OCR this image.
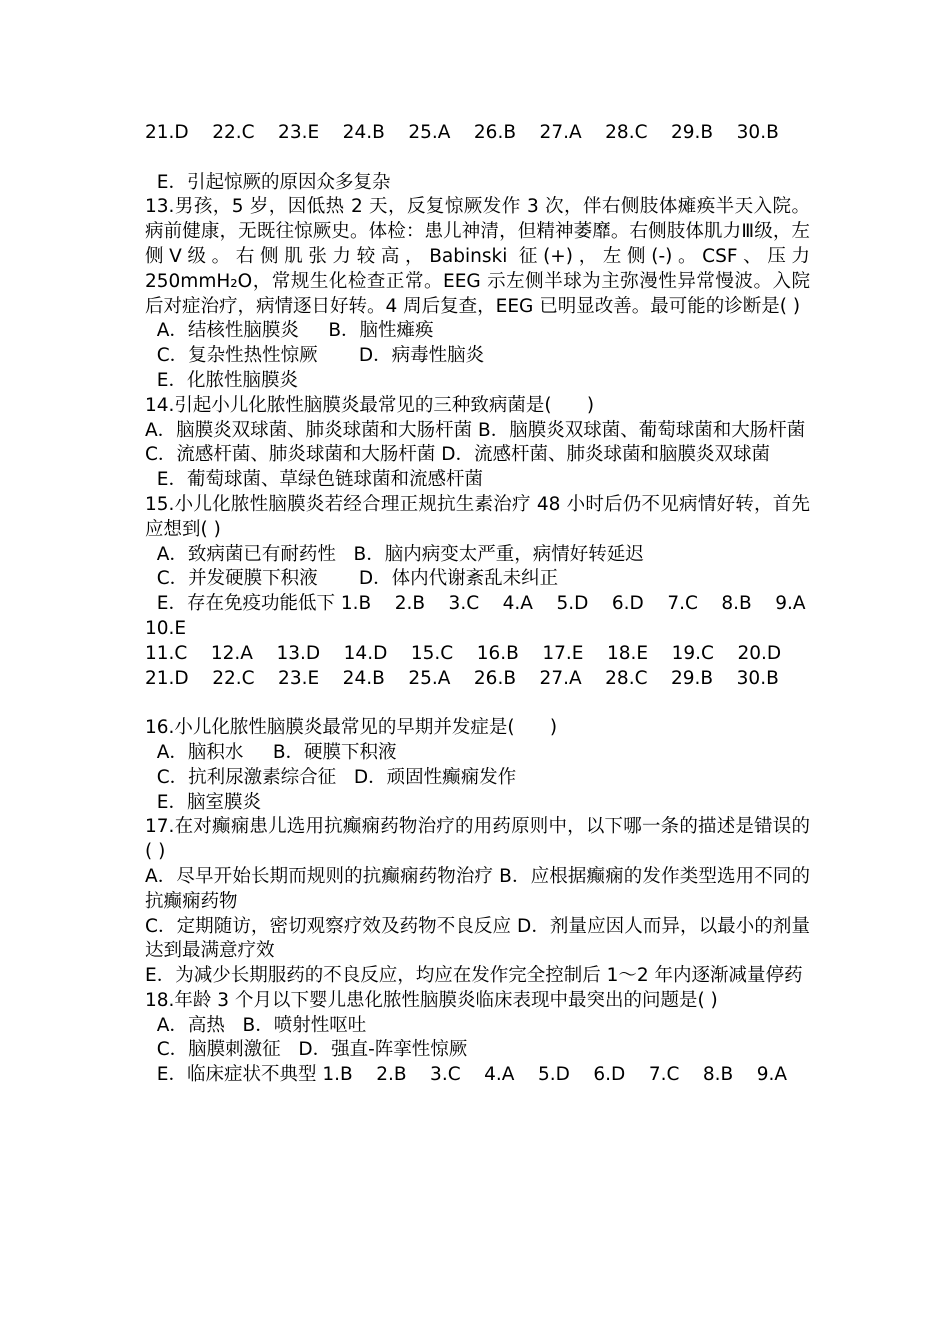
21.D    22.C    23.E    24.B    25.A    26.B    27.A    28.C    29.B    30.B
E．引起惊厥的原因众多复杂
13.男孩，5 岁，因低热 2 天，反复惊厥发作 3 次，伴右侧肢体瘫痪半天入院。病前健康，无既往惊厥史。体检：患儿神清，但精神萎靡。右侧肢体肌力Ⅲ级，左侧Ⅴ级。右侧肌张力较高，Babinski 征(+)，左侧(-)。CSF、压力 250mmH₂O，常规生化检查正常。EEG 示左侧半球为主弥漫性异常慢波。入院后对症治疗，病情逐日好转。4 周后复查，EEG 已明显改善。最可能的诊断是( )
A．结核性脑膜炎     B．脑性瘫痪
C．复杂性热性惊厥       D．病毒性脑炎
E．化脓性脑膜炎
14.引起小儿化脓性脑膜炎最常见的三种致病菌是(      )
A．脑膜炎双球菌、肺炎球菌和大肠杆菌 B．脑膜炎双球菌、葡萄球菌和大肠杆菌
C．流感杆菌、肺炎球菌和大肠杆菌 D．流感杆菌、肺炎球菌和脑膜炎双球菌
E．葡萄球菌、草绿色链球菌和流感杆菌
15.小儿化脓性脑膜炎若经合理正规抗生素治疗 48 小时后仍不见病情好转，首先应想到( )
A．致病菌已有耐药性   B．脑内病变太严重，病情好转延迟
C．并发硬膜下积液       D．体内代谢紊乱未纠正
E．存在免疫功能低下 1.B    2.B    3.C    4.A    5.D    6.D    7.C    8.B    9.A
10.E
11.C    12.A    13.D    14.D    15.C    16.B    17.E    18.E    19.C    20.D
21.D    22.C    23.E    24.B    25.A    26.B    27.A    28.C    29.B    30.B
16.小儿化脓性脑膜炎最常见的早期并发症是(      )
A．脑积水     B．硬膜下积液
C．抗利尿激素综合征   D．顽固性癫痫发作
E．脑室膜炎
17.在对癫痫患儿选用抗癫痫药物治疗的用药原则中，以下哪一条的描述是错误的( )
A．尽早开始长期而规则的抗癫痫药物治疗 B．应根据癫痫的发作类型选用不同的抗癫痫药物
C．定期随访，密切观察疗效及药物不良反应 D．剂量应因人而异，以最小的剂量达到最满意疗效
E．为减少长期服药的不良反应，均应在发作完全控制后 1～2 年内逐渐减量停药
18.年龄 3 个月以下婴儿患化脓性脑膜炎临床表现中最突出的问题是( )
A．高热   B．喷射性呕吐
C．脑膜刺激征   D．强直-阵挛性惊厥
E．临床症状不典型 1.B    2.B    3.C    4.A    5.D    6.D    7.C    8.B    9.A
